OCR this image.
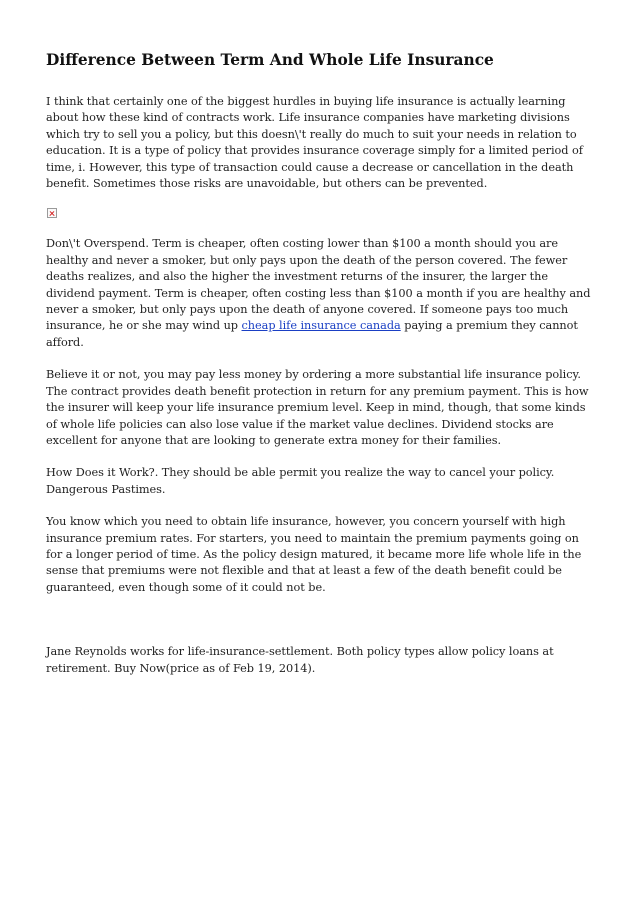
Difference Between Term And Whole Life Insurance

I think that certainly one of the biggest hurdles in buying life insurance is actually learning about how these kind of contracts work. Life insurance companies have marketing divisions which try to sell you a policy, but this doesn\'t really do much to suit your needs in relation to education. It is a type of policy that provides insurance coverage simply for a limited period of time, i. However, this type of transaction could cause a decrease or cancellation in the death benefit. Sometimes those risks are unavoidable, but others can be prevented.

Don\'t Overspend. Term is cheaper, often costing lower than $100 a month should you are healthy and never a smoker, but only pays upon the death of the person covered. The fewer deaths realizes, and also the higher the investment returns of the insurer, the larger the dividend payment. Term is cheaper, often costing less than $100 a month if you are healthy and never a smoker, but only pays upon the death of anyone covered. If someone pays too much insurance, he or she may wind up cheap life insurance canada paying a premium they cannot afford.

Believe it or not, you may pay less money by ordering a more substantial life insurance policy. The contract provides death benefit protection in return for any premium payment. This is how the insurer will keep your life insurance premium level. Keep in mind, though, that some kinds of whole life policies can also lose value if the market value declines. Dividend stocks are excellent for anyone that are looking to generate extra money for their families.

How Does it Work?. They should be able permit you realize the way to cancel your policy. Dangerous Pastimes.

You know which you need to obtain life insurance, however, you concern yourself with high insurance premium rates. For starters, you need to maintain the premium payments going on for a longer period of time. As the policy design matured, it became more life whole life in the sense that premiums were not flexible and that at least a few of the death benefit could be guaranteed, even though some of it could not be.

Jane Reynolds works for life-insurance-settlement. Both policy types allow policy loans at retirement. Buy Now(price as of Feb 19, 2014).
